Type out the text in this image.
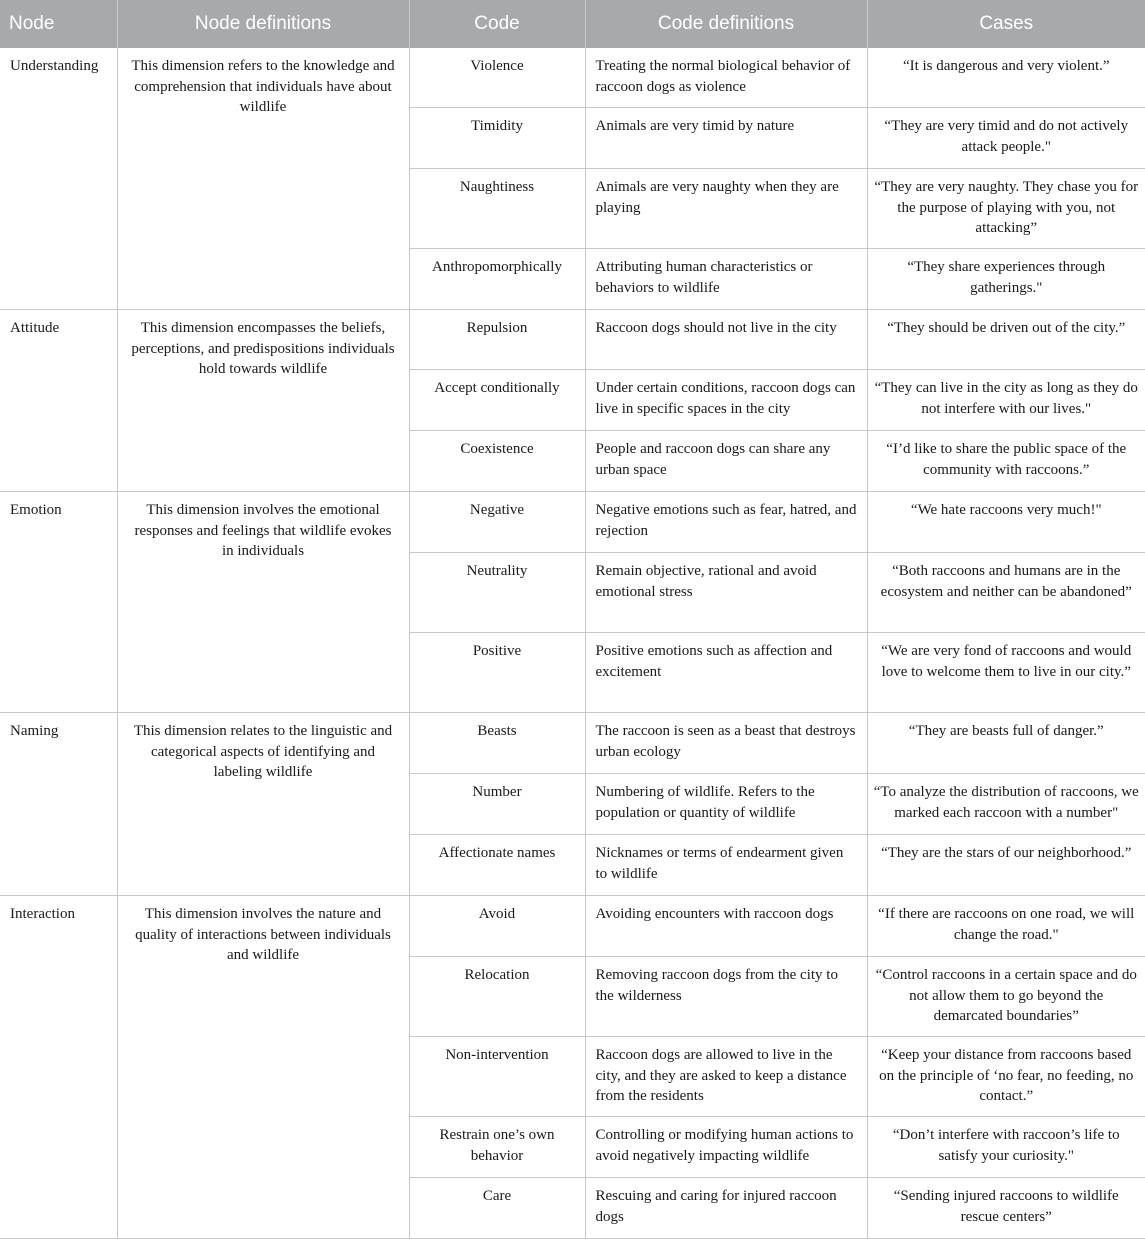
Node	Node definitions	Code	Code definitions	Cases
Understanding	This dimension refers to the knowledge and comprehension that individuals have about wildlife	Violence	Treating the normal biological behavior of raccoon dogs as violence	“It is dangerous and very violent.”
		Timidity	Animals are very timid by nature	“They are very timid and do not actively attack people."
		Naughtiness	Animals are very naughty when they are playing	“They are very naughty. They chase you for the purpose of playing with you, not attacking”
		Anthropomorphically	Attributing human characteristics or behaviors to wildlife	“They share experiences through gatherings."
Attitude	This dimension encompasses the beliefs, perceptions, and predispositions individuals hold towards wildlife	Repulsion	Raccoon dogs should not live in the city	“They should be driven out of the city.”
		Accept conditionally	Under certain conditions, raccoon dogs can live in specific spaces in the city	“They can live in the city as long as they do not interfere with our lives."
		Coexistence	People and raccoon dogs can share any urban space	“I’d like to share the public space of the community with raccoons.”
Emotion	This dimension involves the emotional responses and feelings that wildlife evokes in individuals	Negative	Negative emotions such as fear, hatred, and rejection	“We hate raccoons very much!"
		Neutrality	Remain objective, rational and avoid emotional stress	“Both raccoons and humans are in the ecosystem and neither can be abandoned”
		Positive	Positive emotions such as affection and excitement	“We are very fond of raccoons and would love to welcome them to live in our city.”
Naming	This dimension relates to the linguistic and categorical aspects of identifying and labeling wildlife	Beasts	The raccoon is seen as a beast that destroys urban ecology	“They are beasts full of danger.”
		Number	Numbering of wildlife. Refers to the population or quantity of wildlife	“To analyze the distribution of raccoons, we marked each raccoon with a number"
		Affectionate names	Nicknames or terms of endearment given to wildlife	“They are the stars of our neighborhood.”
Interaction	This dimension involves the nature and quality of interactions between individuals and wildlife	Avoid	Avoiding encounters with raccoon dogs	“If there are raccoons on one road, we will change the road."
		Relocation	Removing raccoon dogs from the city to the wilderness	“Control raccoons in a certain space and do not allow them to go beyond the demarcated boundaries”
		Non-intervention	Raccoon dogs are allowed to live in the city, and they are asked to keep a distance from the residents	“Keep your distance from raccoons based on the principle of ‘no fear, no feeding, no contact.”
		Restrain one’s own behavior	Controlling or modifying human actions to avoid negatively impacting wildlife	“Don’t interfere with raccoon’s life to satisfy your curiosity."
		Care	Rescuing and caring for injured raccoon dogs	“Sending injured raccoons to wildlife rescue centers”
